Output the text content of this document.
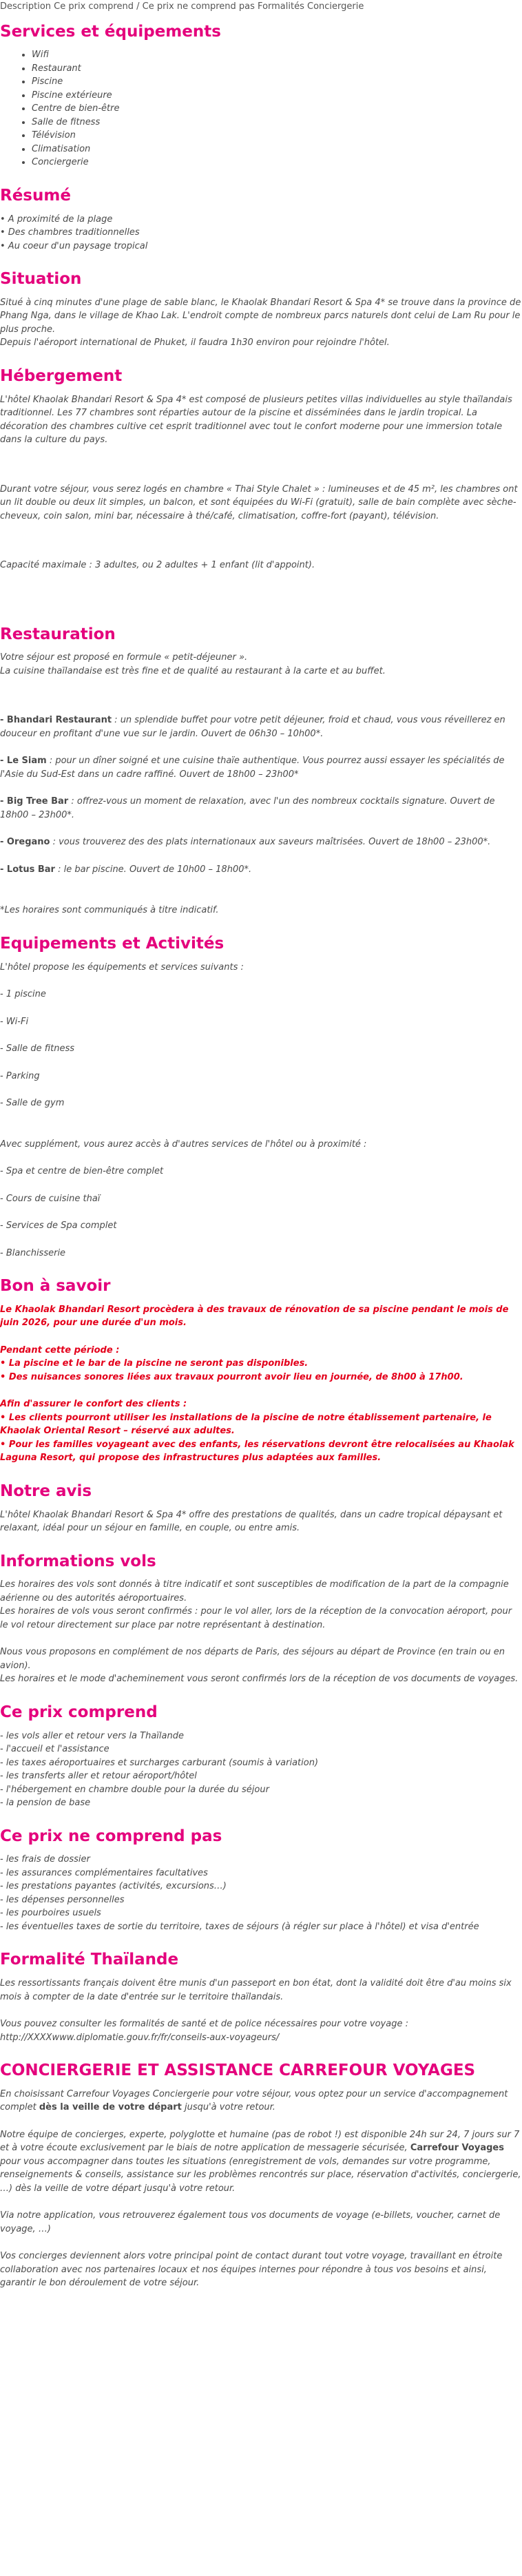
Description Ce prix comprend / Ce prix ne comprend pas Formalités Conciergerie
Services et équipements
• Wifi
• Restaurant
• Piscine
• Piscine extérieure
• Centre de bien-être
• Salle de fitness
• Télévision
• Climatisation
• Conciergerie
Résumé

• A proximité de la plage

• Des chambres traditionnelles

• Au coeur d'un paysage tropical

Situation

Situé à cinq minutes d'une plage de sable blanc, le Khaolak Bhandari Resort & Spa 4* se trouve dans la province de Phang Nga, dans le village de Khao Lak. L'endroit compte de nombreux parcs naturels dont celui de Lam Ru pour le plus proche.

Depuis l'aéroport international de Phuket, il faudra 1h30 environ pour rejoindre l'hôtel.

Hébergement

L'hôtel Khaolak Bhandari Resort & Spa 4* est composé de plusieurs petites villas individuelles au style thaïlandais traditionnel. Les 77 chambres sont réparties autour de la piscine et disséminées dans le jardin tropical. La décoration des chambres cultive cet esprit traditionnel avec tout le confort moderne pour une immersion totale dans la culture du pays.

Durant votre séjour, vous serez logés en chambre « Thai Style Chalet » : lumineuses et de 45 m², les chambres ont un lit double ou deux lit simples, un balcon, et sont équipées du Wi-Fi (gratuit), salle de bain complète avec sèche-cheveux, coin salon, mini bar, nécessaire à thé/café, climatisation, coffre-fort (payant), télévision.

Capacité maximale : 3 adultes, ou 2 adultes + 1 enfant (lit d'appoint).

Restauration

Votre séjour est proposé en formule « petit-déjeuner ».

La cuisine thaïlandaise est très fine et de qualité au restaurant à la carte et au buffet.

- Bhandari Restaurant : un splendide buffet pour votre petit déjeuner, froid et chaud, vous vous réveillerez en douceur en profitant d'une vue sur le jardin. Ouvert de 06h30 – 10h00*.

- Le Siam : pour un dîner soigné et une cuisine thaïe authentique. Vous pourrez aussi essayer les spécialités de l'Asie du Sud-Est dans un cadre raffiné. Ouvert de 18h00 – 23h00*

- Big Tree Bar : offrez-vous un moment de relaxation, avec l'un des nombreux cocktails signature. Ouvert de 18h00 – 23h00*.

- Oregano : vous trouverez des des plats internationaux aux saveurs maîtrisées. Ouvert de 18h00 – 23h00*.

- Lotus Bar : le bar piscine. Ouvert de 10h00 – 18h00*.

*Les horaires sont communiqués à titre indicatif.

Equipements et Activités

L'hôtel propose les équipements et services suivants :

- 1 piscine

- Wi-Fi

- Salle de fitness

- Parking

- Salle de gym

Avec supplément, vous aurez accès à d'autres services de l'hôtel ou à proximité :

- Spa et centre de bien-être complet

- Cours de cuisine thaï

- Services de Spa complet

- Blanchisserie

Bon à savoir

Le Khaolak Bhandari Resort procèdera à des travaux de rénovation de sa piscine pendant le mois de juin 2026, pour une durée d'un mois.

Pendant cette période :

• La piscine et le bar de la piscine ne seront pas disponibles.

• Des nuisances sonores liées aux travaux pourront avoir lieu en journée, de 8h00 à 17h00.

Afin d'assurer le confort des clients :

• Les clients pourront utiliser les installations de la piscine de notre établissement partenaire, le Khaolak Oriental Resort – réservé aux adultes.

• Pour les familles voyageant avec des enfants, les réservations devront être relocalisées au Khaolak Laguna Resort, qui propose des infrastructures plus adaptées aux familles.

Notre avis

L'hôtel Khaolak Bhandari Resort & Spa 4* offre des prestations de qualités, dans un cadre tropical dépaysant et relaxant, idéal pour un séjour en famille, en couple, ou entre amis.

Informations vols

Les horaires des vols sont donnés à titre indicatif et sont susceptibles de modification de la part de la compagnie aérienne ou des autorités aéroportuaires.

Les horaires de vols vous seront confirmés : pour le vol aller, lors de la réception de la convocation aéroport, pour le vol retour directement sur place par notre représentant à destination.

Nous vous proposons en complément de nos départs de Paris, des séjours au départ de Province (en train ou en avion).

Les horaires et le mode d'acheminement vous seront confirmés lors de la réception de vos documents de voyages.

Ce prix comprend

- les vols aller et retour vers la Thaïlande

- l'accueil et l'assistance

- les taxes aéroportuaires et surcharges carburant (soumis à variation)

- les transferts aller et retour aéroport/hôtel

- l'hébergement en chambre double pour la durée du séjour

- la pension de base

Ce prix ne comprend pas

- les frais de dossier

- les assurances complémentaires facultatives

- les prestations payantes (activités, excursions…)

- les dépenses personnelles

- les pourboires usuels

- les éventuelles taxes de sortie du territoire, taxes de séjours (à régler sur place à l'hôtel) et visa d'entrée

Formalité Thaïlande

Les ressortissants français doivent être munis d'un passeport en bon état, dont la validité doit être d'au moins six mois à compter de la date d'entrée sur le territoire thaïlandais.

Vous pouvez consulter les formalités de santé et de police nécessaires pour votre voyage :

http://XXXXwww.diplomatie.gouv.fr/fr/conseils-aux-voyageurs/

CONCIERGERIE ET ASSISTANCE CARREFOUR VOYAGES

En choisissant Carrefour Voyages Conciergerie pour votre séjour, vous optez pour un service d'accompagnement complet dès la veille de votre départ jusqu'à votre retour.

Notre équipe de concierges, experte, polyglotte et humaine (pas de robot !) est disponible 24h sur 24, 7 jours sur 7 et à votre écoute exclusivement par le biais de notre application de messagerie sécurisée, Carrefour Voyages pour vous accompagner dans toutes les situations (enregistrement de vols, demandes sur votre programme, renseignements & conseils, assistance sur les problèmes rencontrés sur place, réservation d'activités, conciergerie, …) dès la veille de votre départ jusqu'à votre retour.

Via notre application, vous retrouverez également tous vos documents de voyage (e-billets, voucher, carnet de voyage, …)

Vos concierges deviennent alors votre principal point de contact durant tout votre voyage, travaillant en étroite collaboration avec nos partenaires locaux et nos équipes internes pour répondre à tous vos besoins et ainsi, garantir le bon déroulement de votre séjour.
